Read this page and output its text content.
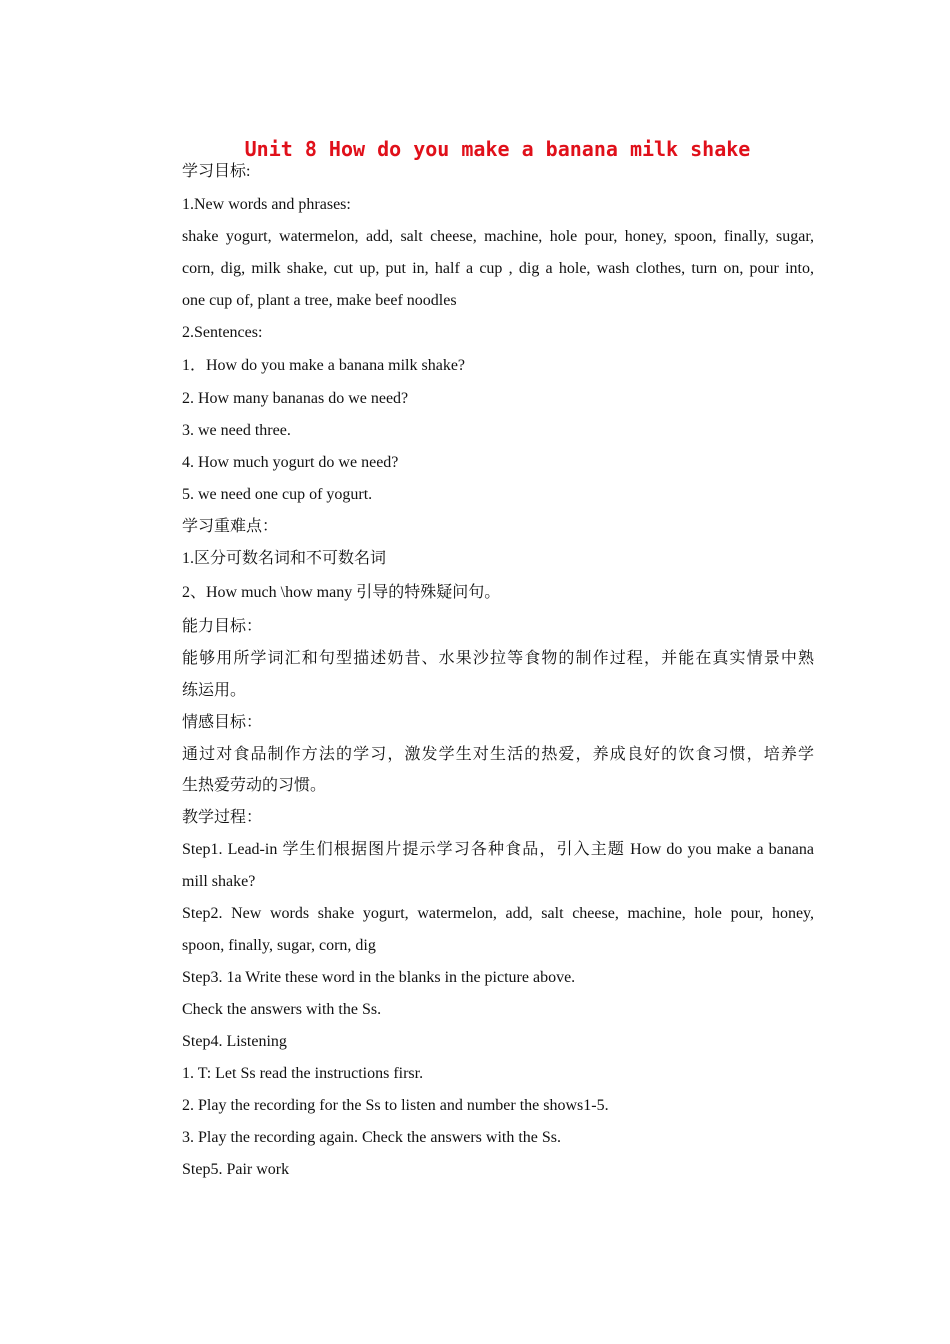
Unit 8 How do you make a banana milk shake
学习目标:
1.New words and phrases:
shake yogurt, watermelon, add, salt cheese, machine, hole pour, honey, spoon, finally, sugar,
corn, dig, milk shake, cut up, put in, half a cup , dig a hole, wash clothes, turn on, pour into,
one cup of, plant a tree, make beef noodles
2.Sentences:
1．How do you make a banana milk shake?
2. How many bananas do we need?
3. we need three.
4. How much yogurt do we need?
5. we need one cup of yogurt.
学习重难点：
1.区分可数名词和不可数名词
2、How much \how many 引导的特殊疑问句。
能力目标：
能够用所学词汇和句型描述奶昔、水果沙拉等食物的制作过程，并能在真实情景中熟
练运用。
情感目标：
通过对食品制作方法的学习，激发学生对生活的热爱，养成良好的饮食习惯，培养学
生热爱劳动的习惯。
教学过程：
Step1. Lead-in 学生们根据图片提示学习各种食品，引入主题 How do you make a banana
mill shake?
Step2. New words shake yogurt, watermelon, add, salt cheese, machine, hole pour, honey,
spoon, finally, sugar, corn, dig
Step3. 1a Write these word in the blanks in the picture above.
Check the answers with the Ss.
Step4. Listening
1. T: Let Ss read the instructions firsr.
2. Play the recording for the Ss to listen and number the shows1-5.
3. Play the recording again. Check the answers with the Ss.
Step5. Pair work
